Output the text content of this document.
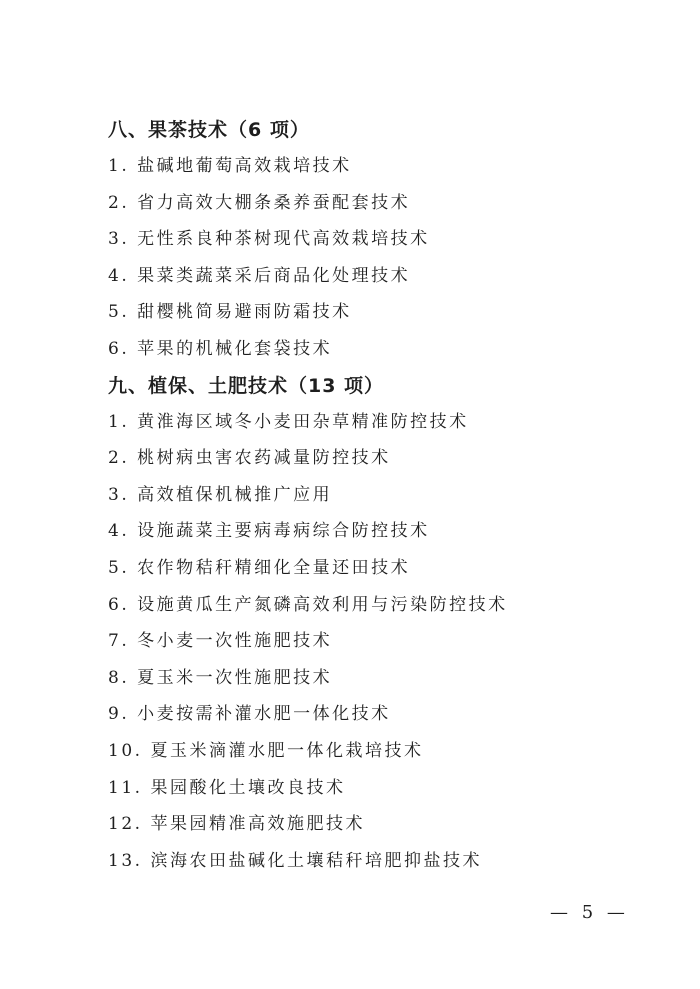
八、果茶技术（6 项）
1. 盐碱地葡萄高效栽培技术
2. 省力高效大棚条桑养蚕配套技术
3. 无性系良种茶树现代高效栽培技术
4. 果菜类蔬菜采后商品化处理技术
5. 甜樱桃简易避雨防霜技术
6. 苹果的机械化套袋技术
九、植保、土肥技术（13 项）
1. 黄淮海区域冬小麦田杂草精准防控技术
2. 桃树病虫害农药减量防控技术
3. 高效植保机械推广应用
4. 设施蔬菜主要病毒病综合防控技术
5. 农作物秸秆精细化全量还田技术
6. 设施黄瓜生产氮磷高效利用与污染防控技术
7. 冬小麦一次性施肥技术
8. 夏玉米一次性施肥技术
9. 小麦按需补灌水肥一体化技术
10. 夏玉米滴灌水肥一体化栽培技术
11. 果园酸化土壤改良技术
12. 苹果园精准高效施肥技术
13. 滨海农田盐碱化土壤秸秆培肥抑盐技术
— 5 —
